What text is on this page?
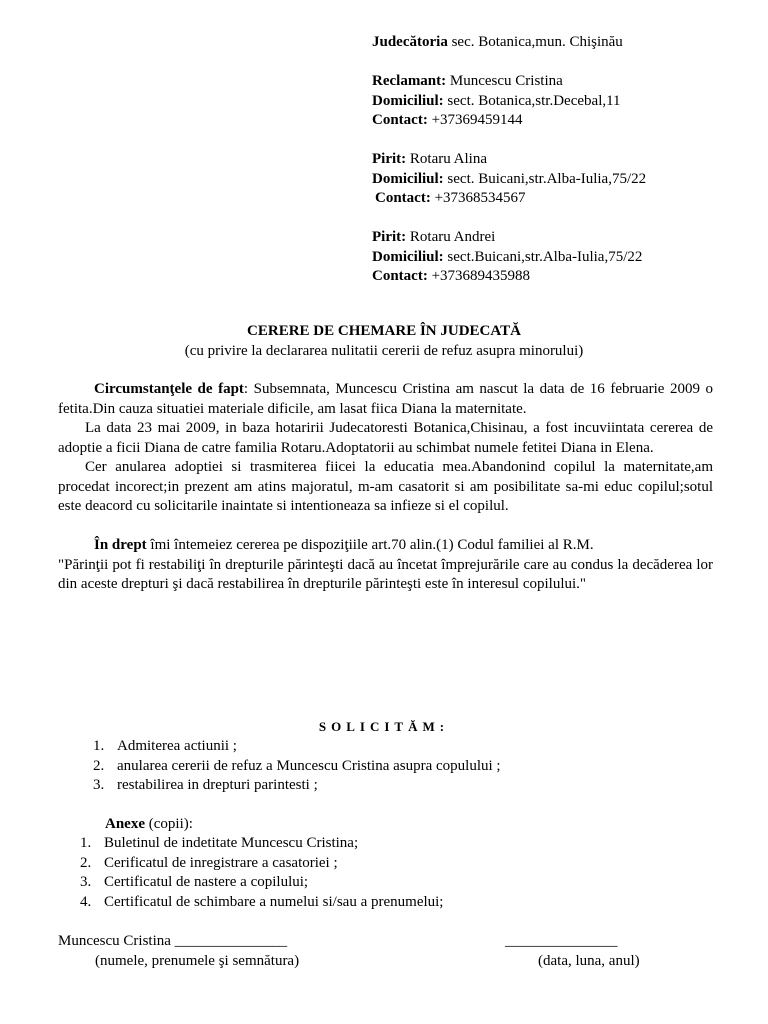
Judecătoria sec. Botanica,mun. Chişinău
Reclamant: Muncescu Cristina
Domiciliul: sect. Botanica,str.Decebal,11
Contact: +37369459144
Pirit: Rotaru Alina
Domiciliul: sect. Buicani,str.Alba-Iulia,75/22
Contact: +37368534567
Pirit: Rotaru Andrei
Domiciliul: sect.Buicani,str.Alba-Iulia,75/22
Contact: +373689435988
CERERE DE CHEMARE ÎN JUDECATĂ
(cu privire la declararea nulitatii cererii de refuz asupra minorului)

Circumstanţele de fapt: Subsemnata, Muncescu Cristina am nascut la data de 16 februarie 2009 o fetita.Din cauza situatiei materiale dificile, am lasat fiica Diana la maternitate.

La data 23 mai 2009, in baza hotaririi Judecatoresti Botanica,Chisinau, a fost incuviintata cererea de adoptie a ficii Diana de catre familia Rotaru.Adoptatorii au schimbat numele fetitei Diana in Elena.

Cer anularea adoptiei si trasmiterea fiicei la educatia mea.Abandonind copilul la maternitate,am procedat incorect;in prezent am atins majoratul, m-am casatorit si am posibilitate sa-mi educ copilul;sotul este deacord cu solicitarile inaintate si intentioneaza sa infieze si el copilul.

În drept îmi întemeiez cererea pe dispoziţiile art.70 alin.(1) Codul familiei al R.M.
"Părinţii pot fi restabiliţi în drepturile părinteşti dacă au încetat împrejurările care au condus la decăderea lor din aceste drepturi şi dacă restabilirea în drepturile părinteşti este în interesul copilului."

SOLICITĂM:
1. Admiterea actiunii ;
2. anularea cererii de refuz a Muncescu Cristina asupra copulului ;
3. restabilirea in drepturi parintesti ;
Anexe (copii):
1. Buletinul de indetitate Muncescu Cristina;
2. Cerificatul de inregistrare a casatoriei ;
3. Certificatul de nastere a copilului;
4. Certificatul de schimbare a numelui si/sau a prenumelui;
Muncescu Cristina _______________	_______________
(numele, prenumele şi semnătura)	(data, luna, anul)
